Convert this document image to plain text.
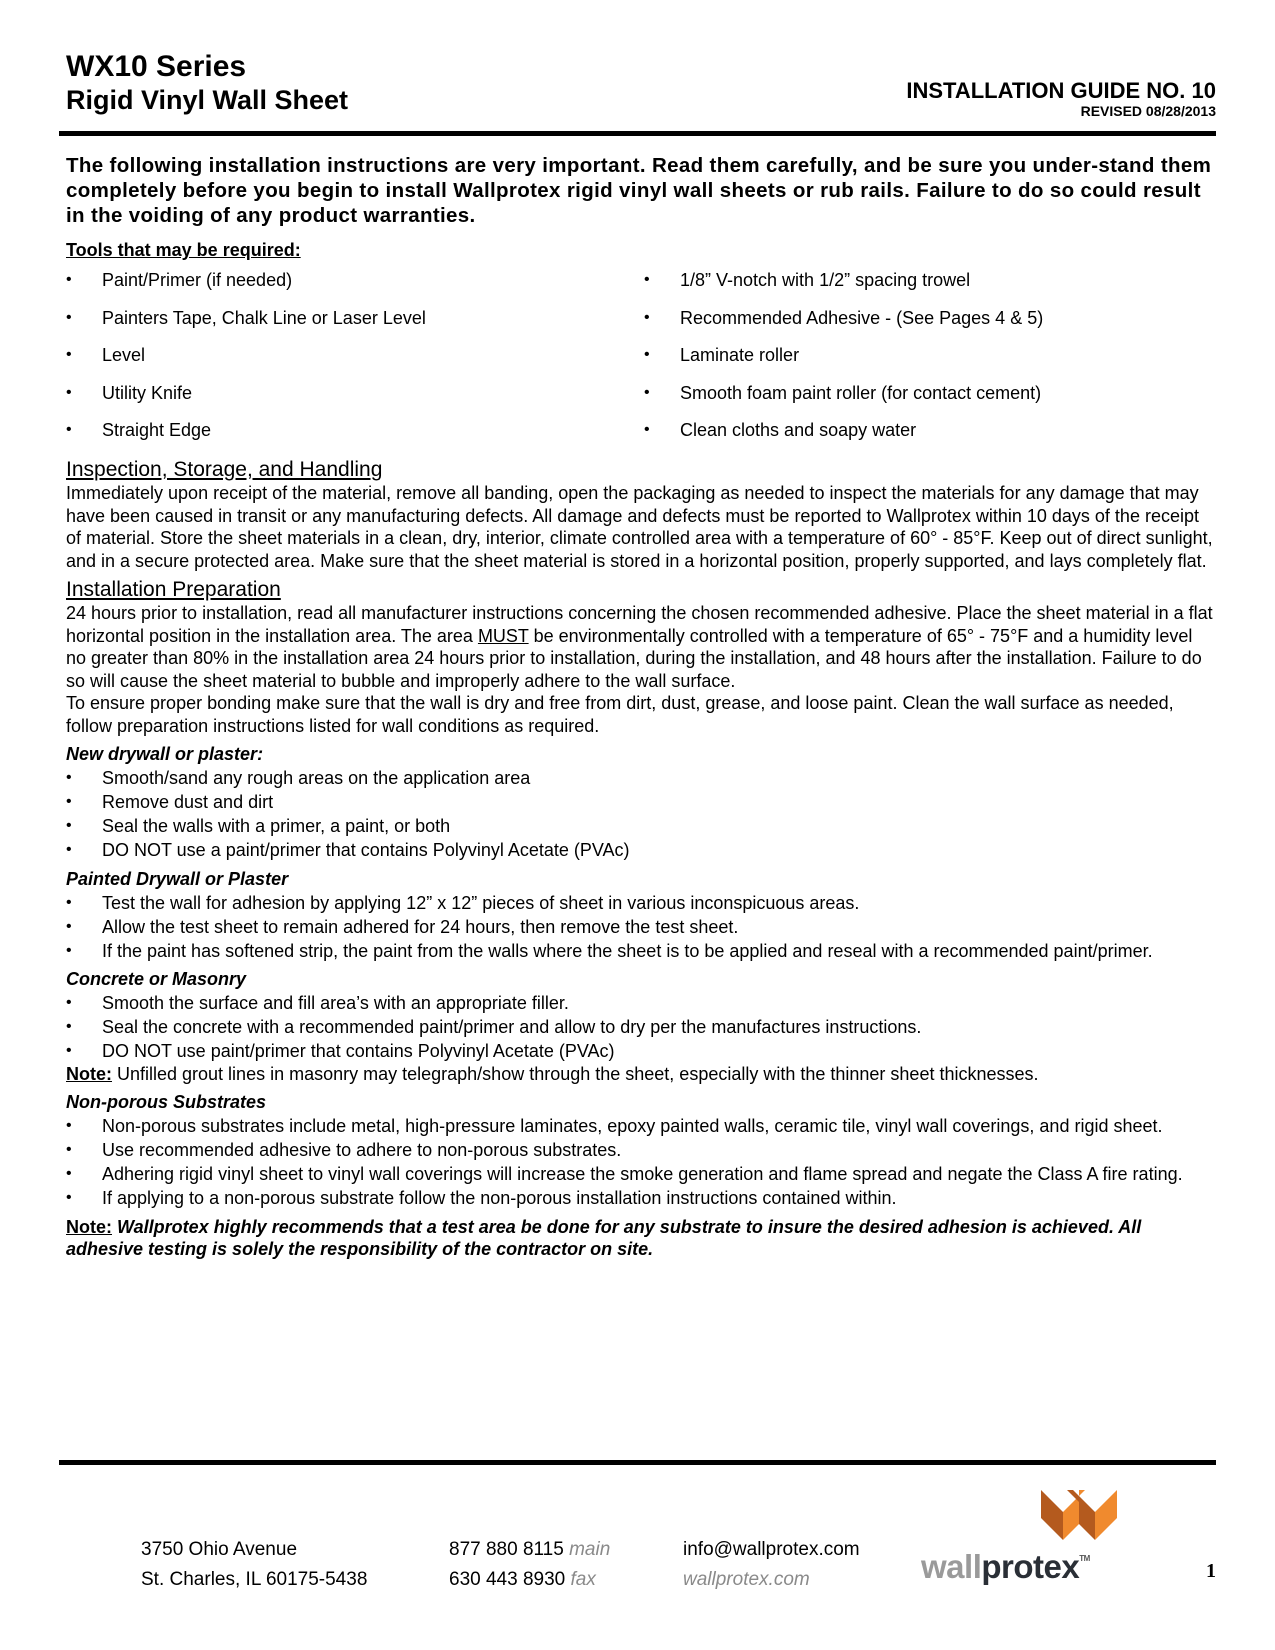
WX10 Series
Rigid Vinyl Wall Sheet	INSTALLATION GUIDE NO. 10
REVISED 08/28/2013
The following installation instructions are very important. Read them carefully, and be sure you under-stand them completely before you begin to install Wallprotex rigid vinyl wall sheets or rub rails. Failure to do so could result in the voiding of any product warranties.
Tools that may be required:
• Paint/Primer (if needed)	• 1/8” V-notch with 1/2” spacing trowel
• Painters Tape, Chalk Line or Laser Level	• Recommended Adhesive - (See Pages 4 & 5)
• Level	• Laminate roller
• Utility Knife	• Smooth foam paint roller (for contact cement)
• Straight Edge	• Clean cloths and soapy water
Inspection, Storage, and Handling

Immediately upon receipt of the material, remove all banding, open the packaging as needed to inspect the materials for any damage that may have been caused in transit or any manufacturing defects. All damage and defects must be reported to Wallprotex within 10 days of the receipt of material. Store the sheet materials in a clean, dry, interior, climate controlled area with a temperature of 60° - 85°F. Keep out of direct sunlight, and in a secure protected area. Make sure that the sheet material is stored in a horizontal position, properly supported, and lays completely flat.

Installation Preparation

24 hours prior to installation, read all manufacturer instructions concerning the chosen recommended adhesive. Place the sheet material in a flat horizontal position in the installation area. The area MUST be environmentally controlled with a temperature of 65° - 75°F and a humidity level no greater than 80% in the installation area 24 hours prior to installation, during the installation, and 48 hours after the installation. Failure to do so will cause the sheet material to bubble and improperly adhere to the wall surface.

To ensure proper bonding make sure that the wall is dry and free from dirt, dust, grease, and loose paint. Clean the wall surface as needed, follow preparation instructions listed for wall conditions as required.

New drywall or plaster:
• Smooth/sand any rough areas on the application area
• Remove dust and dirt
• Seal the walls with a primer, a paint, or both
• DO NOT use a paint/primer that contains Polyvinyl Acetate (PVAc)
Painted Drywall or Plaster
• Test the wall for adhesion by applying 12” x 12” pieces of sheet in various inconspicuous areas.
• Allow the test sheet to remain adhered for 24 hours, then remove the test sheet.
• If the paint has softened strip, the paint from the walls where the sheet is to be applied and reseal with a recommended paint/primer.
Concrete or Masonry
• Smooth the surface and fill area’s with an appropriate filler.
• Seal the concrete with a recommended paint/primer and allow to dry per the manufactures instructions.
• DO NOT use paint/primer that contains Polyvinyl Acetate (PVAc)

Note: Unfilled grout lines in masonry may telegraph/show through the sheet, especially with the thinner sheet thicknesses.

Non-porous Substrates
• Non-porous substrates include metal, high-pressure laminates, epoxy painted walls, ceramic tile, vinyl wall coverings, and rigid sheet.
• Use recommended adhesive to adhere to non-porous substrates.
• Adhering rigid vinyl sheet to vinyl wall coverings will increase the smoke generation and flame spread and negate the Class A fire rating.
• If applying to a non-porous substrate follow the non-porous installation instructions contained within.

Note: Wallprotex highly recommends that a test area be done for any substrate to insure the desired adhesion is achieved. All adhesive testing is solely the responsibility of the contractor on site.

3750 Ohio Avenue
St. Charles, IL 60175-5438
877 880 8115 main
630 443 8930 fax
info@wallprotex.com
wallprotex.com	wallprotex™
1
